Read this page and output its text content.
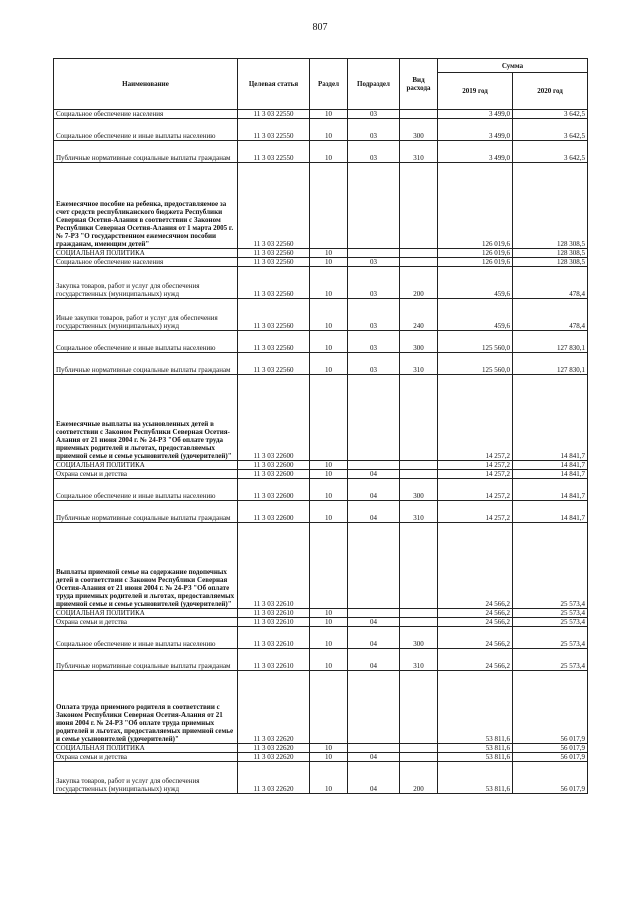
807
Наименование	Целевая статья	Раздел	Подраздел	Вид расхода	Сумма	
					2019 год	2020 год
Социальное обеспечение населения	11 3 03 22550	10	03		3 499,0	3 642,5
Социальное обеспечение и иные выплаты населению	11 3 03 22550	10	03	300	3 499,0	3 642,5
Публичные нормативные социальные выплаты гражданам	11 3 03 22550	10	03	310	3 499,0	3 642,5
Ежемесячное пособие на ребенка, предоставляемое за счет средств республиканского бюджета Республики Северная Осетия-Алания в соответствии с Законом Республики Северная Осетия-Алания от 1 марта 2005 г. № 7-РЗ "О государственном ежемесячном пособии гражданам, имеющим детей"	11 3 03 22560				126 019,6	128 308,5
СОЦИАЛЬНАЯ ПОЛИТИКА	11 3 03 22560	10			126 019,6	128 308,5
Социальное обеспечение населения	11 3 03 22560	10	03		126 019,6	128 308,5
Закупка товаров, работ и услуг для обеспечения государственных (муниципальных) нужд	11 3 03 22560	10	03	200	459,6	478,4
Иные закупки товаров, работ и услуг для обеспечения государственных (муниципальных) нужд	11 3 03 22560	10	03	240	459,6	478,4
Социальное обеспечение и иные выплаты населению	11 3 03 22560	10	03	300	125 560,0	127 830,1
Публичные нормативные социальные выплаты гражданам	11 3 03 22560	10	03	310	125 560,0	127 830,1
Ежемесячные выплаты на усыновленных детей в соответствии с Законом Республики Северная Осетия-Алания от 21 июня 2004 г. № 24-РЗ "Об оплате труда приемных родителей и льготах, предоставляемых приемной семье и семье усыновителей (удочерителей)"	11 3 03 22600				14 257,2	14 841,7
СОЦИАЛЬНАЯ ПОЛИТИКА	11 3 03 22600	10			14 257,2	14 841,7
Охрана семьи и детства	11 3 03 22600	10	04		14 257,2	14 841,7
Социальное обеспечение и иные выплаты населению	11 3 03 22600	10	04	300	14 257,2	14 841,7
Публичные нормативные социальные выплаты гражданам	11 3 03 22600	10	04	310	14 257,2	14 841,7
Выплаты приемной семье на содержание подопечных детей в соответствии с Законом Республики Северная Осетия-Алания от 21 июня 2004 г. № 24-РЗ "Об оплате труда приемных родителей и льготах, предоставляемых приемной семье и семье усыновителей (удочерителей)"	11 3 03 22610				24 566,2	25 573,4
СОЦИАЛЬНАЯ ПОЛИТИКА	11 3 03 22610	10			24 566,2	25 573,4
Охрана семьи и детства	11 3 03 22610	10	04		24 566,2	25 573,4
Социальное обеспечение и иные выплаты населению	11 3 03 22610	10	04	300	24 566,2	25 573,4
Публичные нормативные социальные выплаты гражданам	11 3 03 22610	10	04	310	24 566,2	25 573,4
Оплата труда приемного родителя в соответствии с Законом Республики Северная Осетия-Алания от 21 июня 2004 г. № 24-РЗ "Об оплате труда приемных родителей и льготах, предоставляемых приемной семье и семье усыновителей (удочерителей)"	11 3 03 22620				53 811,6	56 017,9
СОЦИАЛЬНАЯ ПОЛИТИКА	11 3 03 22620	10			53 811,6	56 017,9
Охрана семьи и детства	11 3 03 22620	10	04		53 811,6	56 017,9
Закупка товаров, работ и услуг для обеспечения государственных (муниципальных) нужд	11 3 03 22620	10	04	200	53 811,6	56 017,9
